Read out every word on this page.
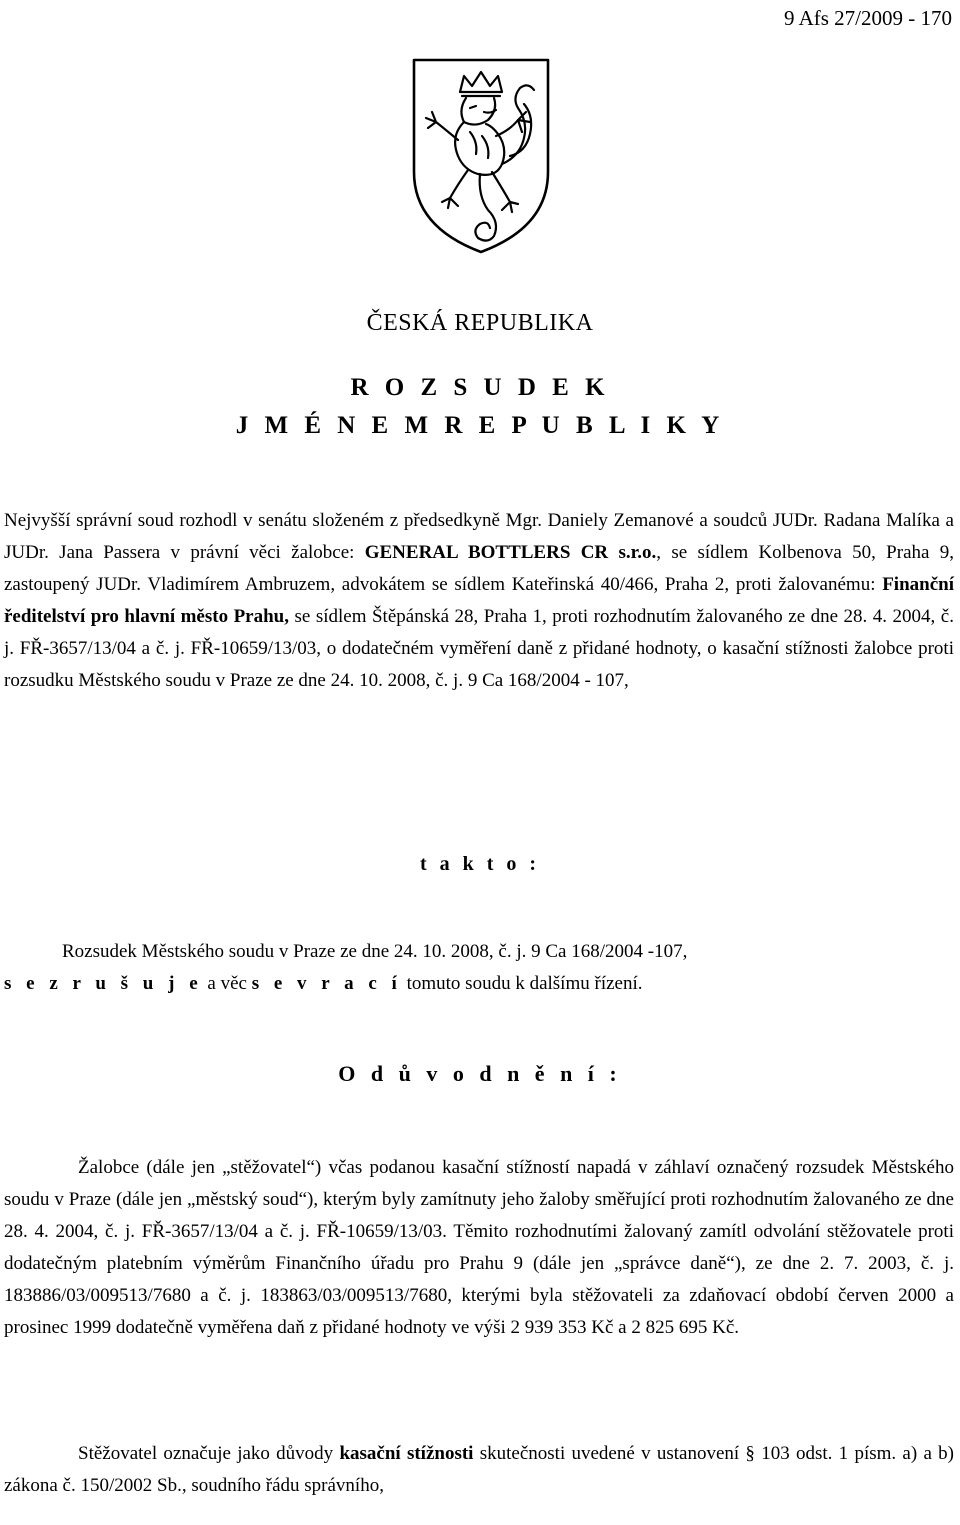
9 Afs 27/2009 - 170
ČESKÁ REPUBLIKA
R O Z S U D E K
J M É N E M R E P U B L I K Y

Nejvyšší správní soud rozhodl v senátu složeném z předsedkyně Mgr. Daniely Zemanové a soudců JUDr. Radana Malíka a JUDr. Jana Passera v právní věci žalobce: GENERAL BOTTLERS CR s.r.o., se sídlem Kolbenova 50, Praha 9, zastoupený JUDr. Vladimírem Ambruzem, advokátem se sídlem Kateřinská 40/466, Praha 2, proti žalovanému: Finanční ředitelství pro hlavní město Prahu, se sídlem Štěpánská 28, Praha 1, proti rozhodnutím žalovaného ze dne 28. 4. 2004, č. j. FŘ-3657/13/04 a č. j. FŘ-10659/13/03, o dodatečném vyměření daně z přidané hodnoty, o kasační stížnosti žalobce proti rozsudku Městského soudu v Praze ze dne 24. 10. 2008, č. j. 9 Ca 168/2004 - 107,

t a k t o :
Rozsudek Městského soudu v Praze ze dne 24. 10. 2008, č. j. 9 Ca 168/2004 -107,
s e z r u š u j e a věc s e v r a c í tomuto soudu k dalšímu řízení.
O d ů v o d n ě n í :

Žalobce (dále jen „stěžovatel“) včas podanou kasační stížností napadá v záhlaví označený rozsudek Městského soudu v Praze (dále jen „městský soud“), kterým byly zamítnuty jeho žaloby směřující proti rozhodnutím žalovaného ze dne 28. 4. 2004, č. j. FŘ-3657/13/04 a č. j. FŘ-10659/13/03. Těmito rozhodnutími žalovaný zamítl odvolání stěžovatele proti dodatečným platebním výměrům Finančního úřadu pro Prahu 9 (dále jen „správce daně“), ze dne 2. 7. 2003, č. j. 183886/03/009513/7680 a č. j. 183863/03/009513/7680, kterými byla stěžovateli za zdaňovací období červen 2000 a prosinec 1999 dodatečně vyměřena daň z přidané hodnoty ve výši 2 939 353 Kč a 2 825 695 Kč.

Stěžovatel označuje jako důvody kasační stížnosti skutečnosti uvedené v ustanovení § 103 odst. 1 písm. a) a b) zákona č. 150/2002 Sb., soudního řádu správního,
